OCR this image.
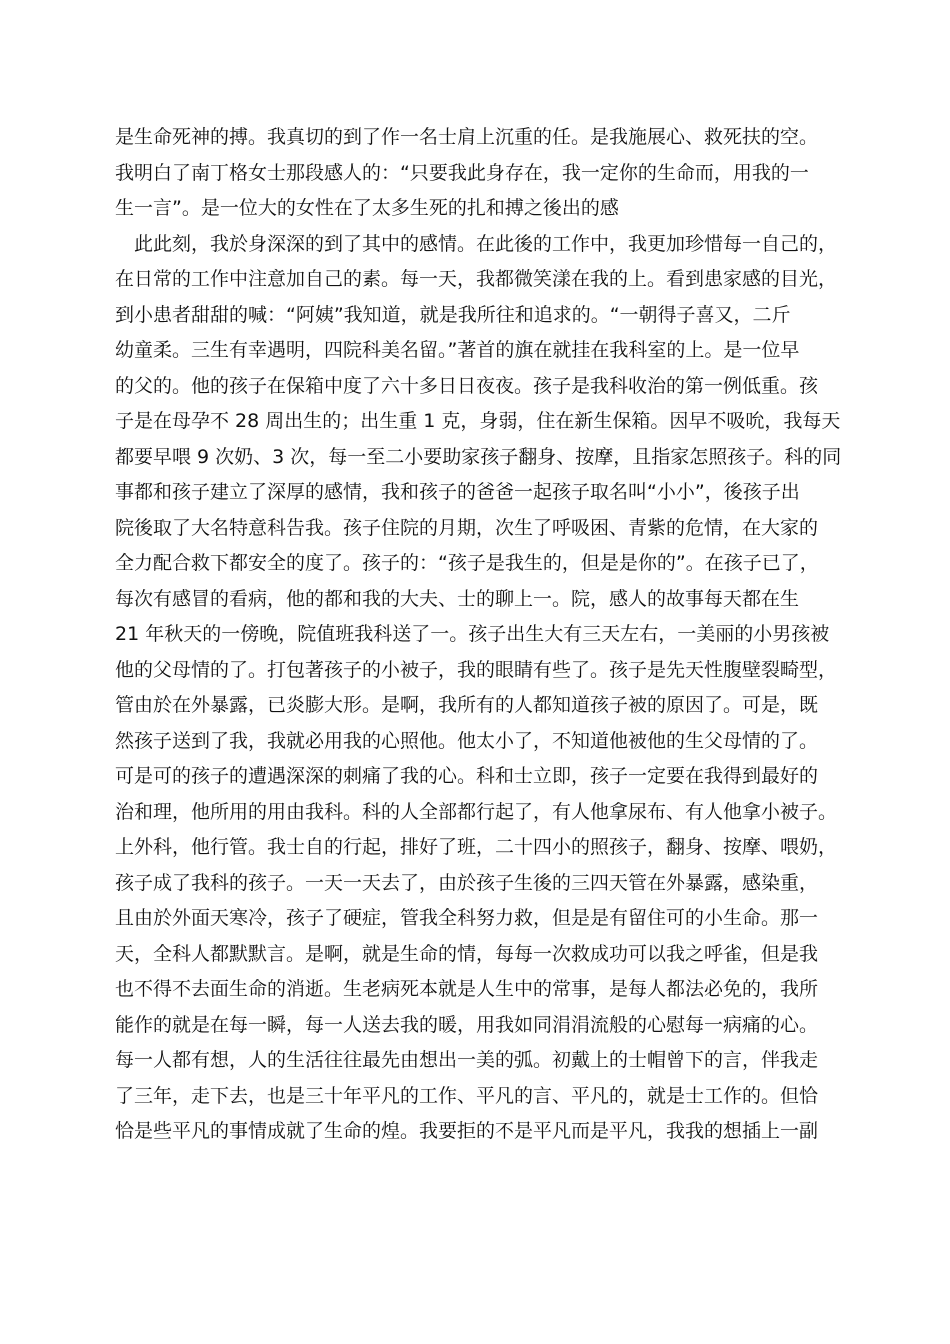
是生命死神的搏。我真切的到了作一名士肩上沉重的任。是我施展心、救死扶的空。
我明白了南丁格女士那段感人的：“只要我此身存在，我一定你的生命而，用我的一
生一言”。是一位大的女性在了太多生死的扎和搏之後出的感
　此此刻，我於身深深的到了其中的感情。在此後的工作中，我更加珍惜每一自己的，
在日常的工作中注意加自己的素。每一天，我都微笑漾在我的上。看到患家感的目光，
到小患者甜甜的喊：“阿姨”我知道，就是我所往和追求的。“一朝得子喜又，二斤
幼童柔。三生有幸遇明，四院科美名留。”著首的旗在就挂在我科室的上。是一位早
的父的。他的孩子在保箱中度了六十多日日夜夜。孩子是我科收治的第一例低重。孩
子是在母孕不 28 周出生的；出生重 1 克，身弱，住在新生保箱。因早不吸吮，我每天
都要早喂 9 次奶、3 次，每一至二小要助家孩子翻身、按摩，且指家怎照孩子。科的同
事都和孩子建立了深厚的感情，我和孩子的爸爸一起孩子取名叫“小小”，後孩子出
院後取了大名特意科告我。孩子住院的月期，次生了呼吸困、青紫的危情，在大家的
全力配合救下都安全的度了。孩子的：“孩子是我生的，但是是你的”。在孩子已了，
每次有感冒的看病，他的都和我的大夫、士的聊上一。院，感人的故事每天都在生
21 年秋天的一傍晚，院值班我科送了一。孩子出生大有三天左右，一美丽的小男孩被
他的父母情的了。打包著孩子的小被子，我的眼睛有些了。孩子是先天性腹壁裂畸型，
管由於在外暴露，已炎膨大形。是啊，我所有的人都知道孩子被的原因了。可是，既
然孩子送到了我，我就必用我的心照他。他太小了，不知道他被他的生父母情的了。
可是可的孩子的遭遇深深的刺痛了我的心。科和士立即，孩子一定要在我得到最好的
治和理，他所用的用由我科。科的人全部都行起了，有人他拿尿布、有人他拿小被子。
上外科，他行管。我士自的行起，排好了班，二十四小的照孩子，翻身、按摩、喂奶，
孩子成了我科的孩子。一天一天去了，由於孩子生後的三四天管在外暴露，感染重，
且由於外面天寒冷，孩子了硬症，管我全科努力救，但是是有留住可的小生命。那一
天，全科人都默默言。是啊，就是生命的情，每每一次救成功可以我之呼雀，但是我
也不得不去面生命的消逝。生老病死本就是人生中的常事，是每人都法必免的，我所
能作的就是在每一瞬，每一人送去我的暖，用我如同涓涓流般的心慰每一病痛的心。
每一人都有想，人的生活往往最先由想出一美的弧。初戴上的士帽曾下的言，伴我走
了三年，走下去，也是三十年平凡的工作、平凡的言、平凡的，就是士工作的。但恰
恰是些平凡的事情成就了生命的煌。我要拒的不是平凡而是平凡，我我的想插上一副
